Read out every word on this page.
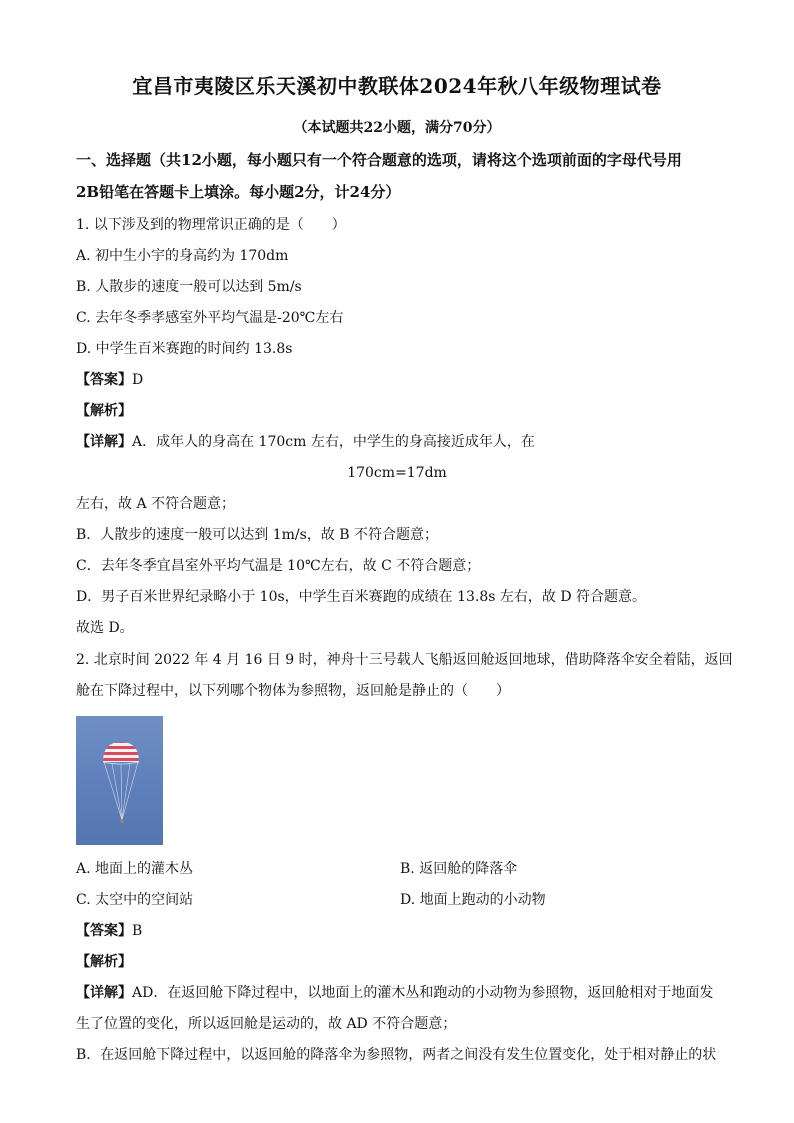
宜昌市夷陵区乐天溪初中教联体2024年秋八年级物理试卷
（本试题共22小题，满分70分）
一、选择题（共12小题，每小题只有一个符合题意的选项，请将这个选项前面的字母代号用
2B铅笔在答题卡上填涂。每小题2分，计24分）
1. 以下涉及到的物理常识正确的是（　　）
A. 初中生小宇的身高约为 170dm
B. 人散步的速度一般可以达到 5m/s
C. 去年冬季孝感室外平均气温是-20℃左右
D. 中学生百米赛跑的时间约 13.8s
【答案】D
【解析】
【详解】A．成年人的身高在 170cm 左右，中学生的身高接近成年人，在
170cm=17dm
左右，故 A 不符合题意；
B．人散步的速度一般可以达到 1m/s，故 B 不符合题意；
C．去年冬季宜昌室外平均气温是 10℃左右，故 C 不符合题意；
D．男子百米世界纪录略小于 10s，中学生百米赛跑的成绩在 13.8s 左右，故 D 符合题意。
故选 D。
2. 北京时间 2022 年 4 月 16 日 9 时，神舟十三号载人飞船返回舱返回地球，借助降落伞安全着陆，返回
舱在下降过程中，以下列哪个物体为参照物，返回舱是静止的（　　）
A. 地面上的灌木丛	B. 返回舱的降落伞
C. 太空中的空间站	D. 地面上跑动的小动物
【答案】B
【解析】
【详解】AD．在返回舱下降过程中，以地面上的灌木丛和跑动的小动物为参照物，返回舱相对于地面发
生了位置的变化，所以返回舱是运动的，故 AD 不符合题意；
B．在返回舱下降过程中，以返回舱的降落伞为参照物，两者之间没有发生位置变化，处于相对静止的状
